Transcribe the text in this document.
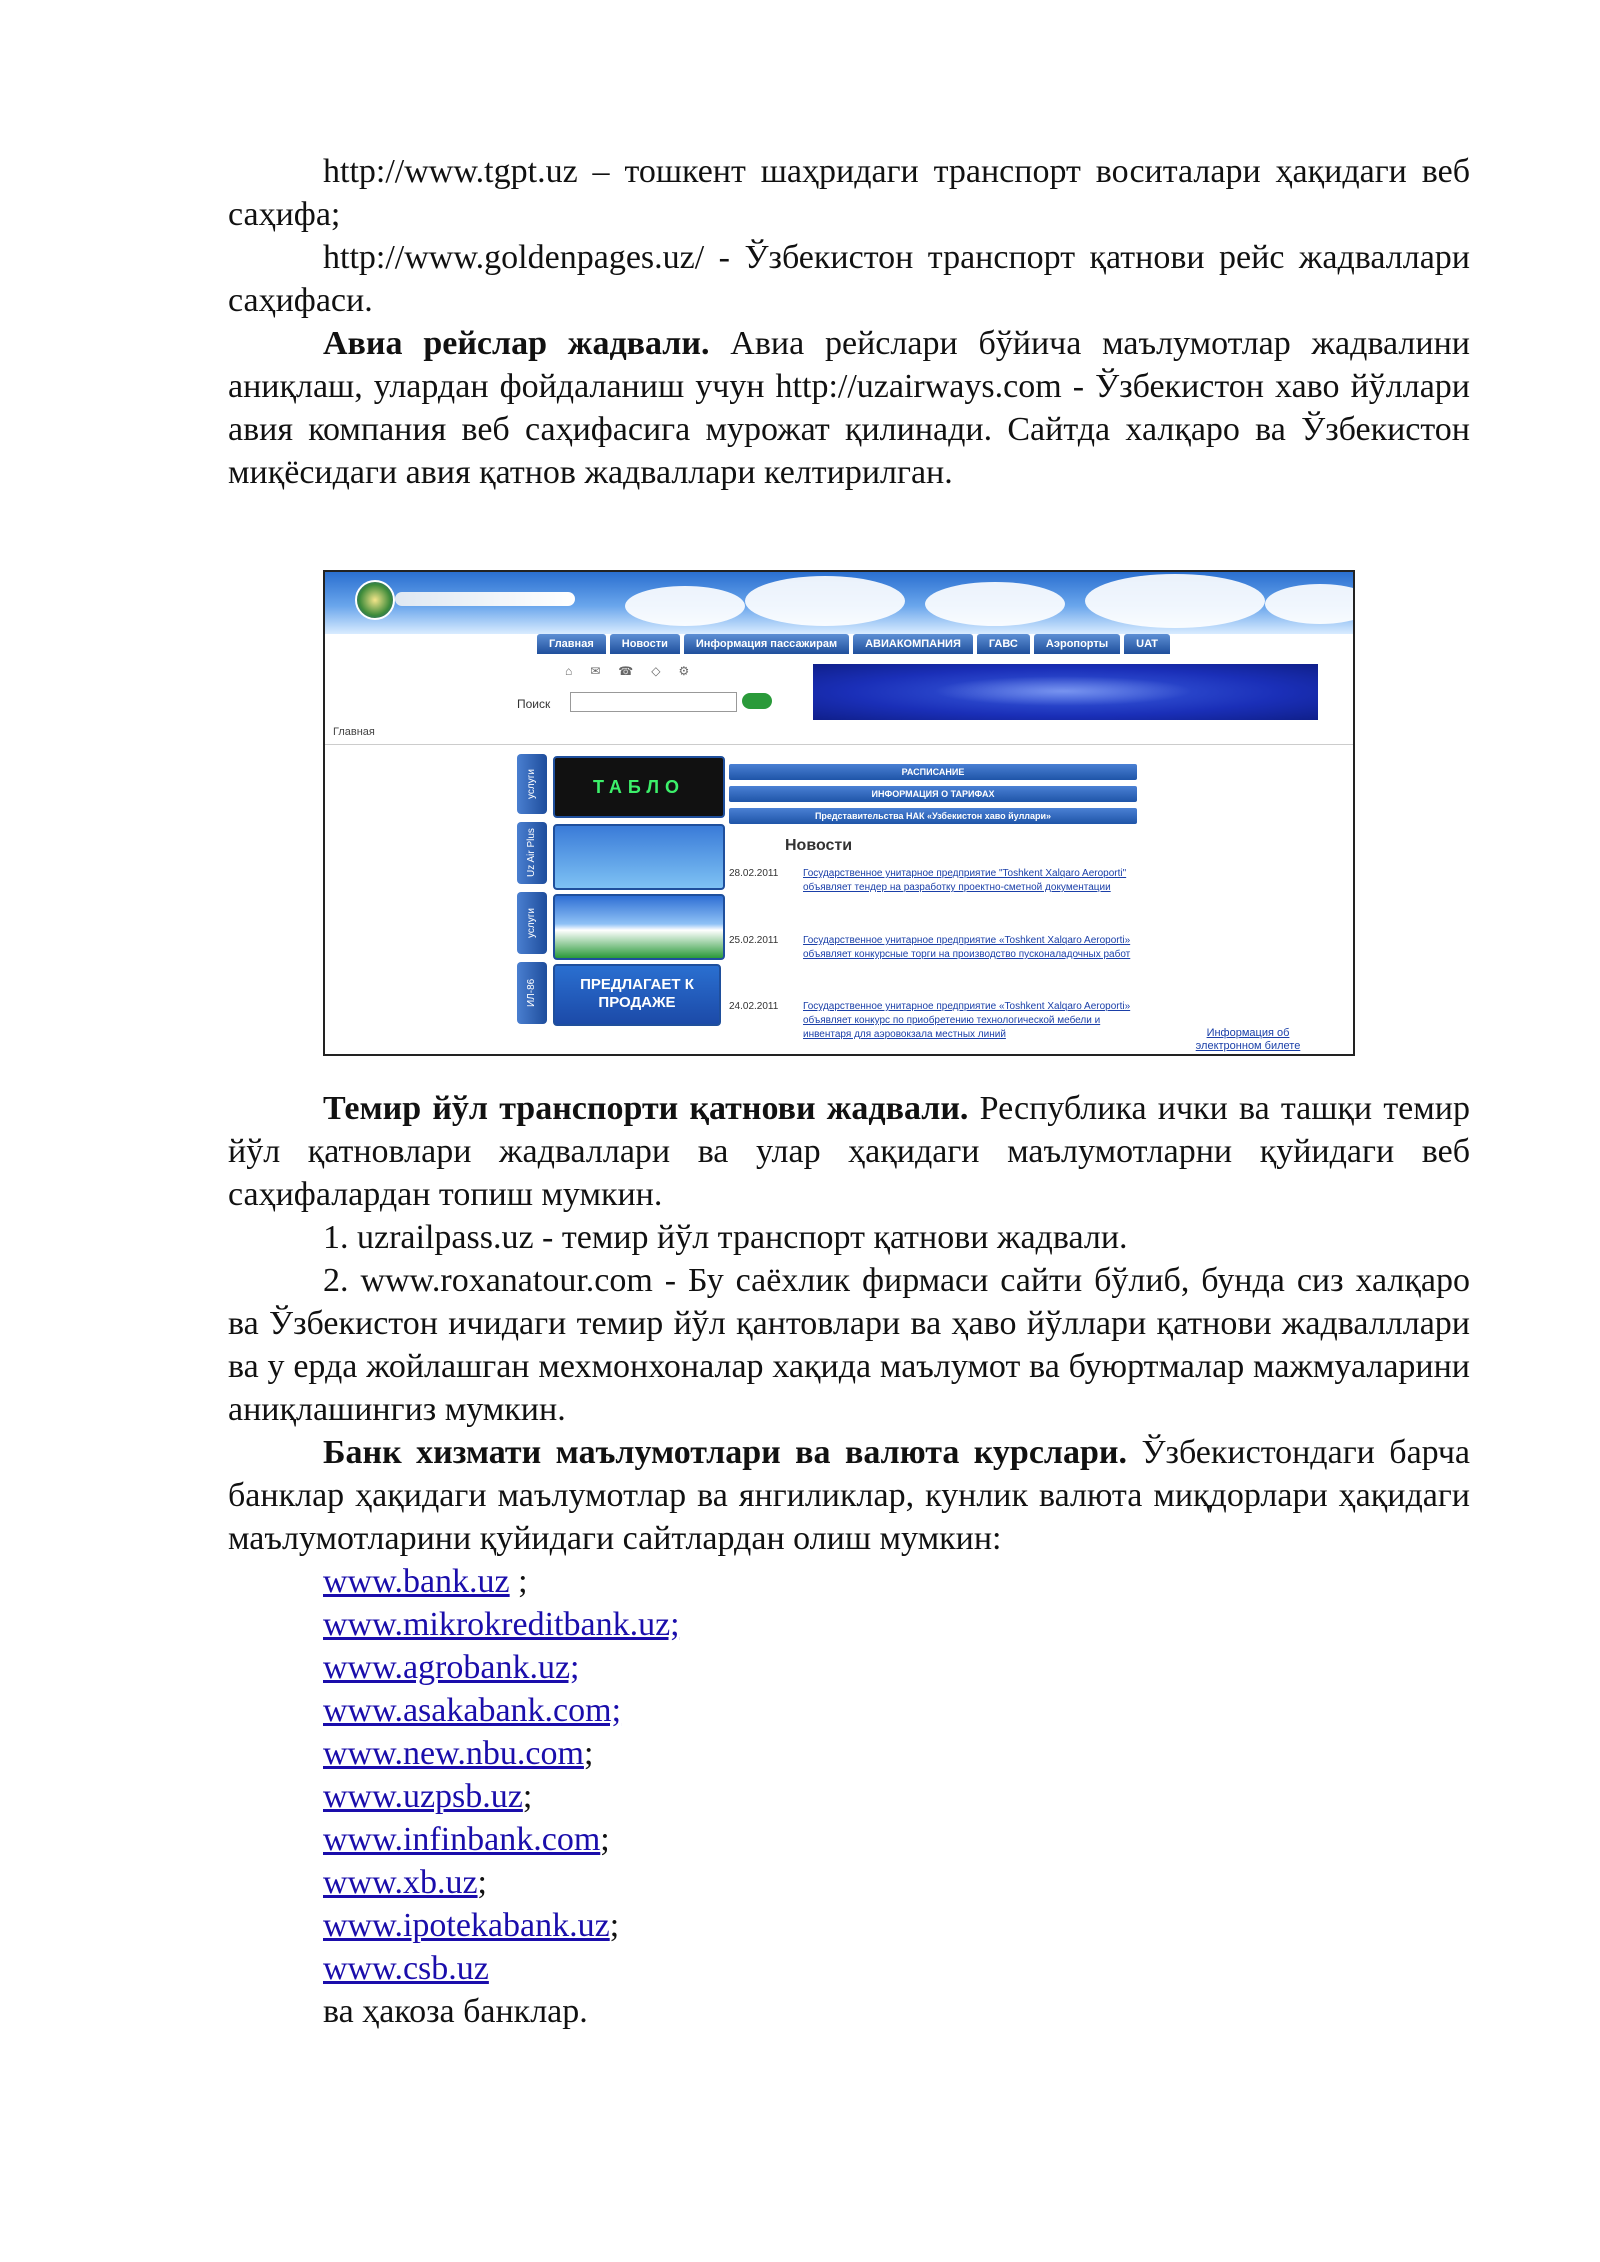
http://www.tgpt.uz – тошкент шаҳридаги транспорт воситалари ҳақидаги веб саҳифа;

http://www.goldenpages.uz/ - Ўзбекистон транспорт қатнови рейс жадваллари саҳифаси.

Авиа рейслар жадвали. Авиа рейслари бўйича маълумотлар жадвалини аниқлаш, улардан фойдаланиш учун http://uzairways.com - Ўзбекистон хаво йўллари авия компания веб саҳифасига мурожат қилинади. Сайтда халқаро ва Ўзбекистон миқёсидаги авия қатнов жадваллари келтирилган.

Главная	Новости	Информация пассажирам	АВИАКОМПАНИЯ	ГАВС	Аэропорты	UAT
⌂✉☎◇⚙
Поиск
Главная
услуги
Uz Air Plus
услуги
ИЛ-86
ТАБЛО
ПРЕДЛАГАЕТ К ПРОДАЖЕ
РАСПИСАНИЕ
ИНФОРМАЦИЯ О ТАРИФАХ
Представительства НАК «Узбекистон хаво йуллари»
Новости
28.02.2011 Государственное унитарное предприятие "Toshkent Xalqaro Aeroporti" объявляет тендер на разработку проектно-сметной документации
25.02.2011 Государственное унитарное предприятие «Toshkent Xalqaro Aeroporti» объявляет конкурсные торги на производство пусконаладочных работ
24.02.2011 Государственное унитарное предприятие «Toshkent Xalqaro Aeroporti» объявляет конкурс по приобретению технологической мебели и инвентаря для аэровокзала местных линий	Информация об электронном билете

Темир йўл транспорти қатнови жадвали. Республика ички ва ташқи темир йўл қатновлари жадваллари ва улар ҳақидаги маълумотларни қуйидаги веб саҳифалардан топиш мумкин.

1. uzrailpass.uz - темир йўл транспорт қатнови жадвали.

2. www.roxanatour.com - Бу саёхлик фирмаси сайти бўлиб, бунда сиз халқаро ва Ўзбекистон ичидаги темир йўл қантовлари ва ҳаво йўллари қатнови жадвалллари ва у ерда жойлашган мехмонхоналар хақида маълумот ва буюртмалар мажмуаларини аниқлашингиз мумкин.

Банк хизмати маълумотлари ва валюта курслари. Ўзбекистондаги барча банклар ҳақидаги маълумотлар ва янгиликлар, кунлик валюта миқдорлари ҳақидаги маълумотларини қуйидаги сайтлардан олиш мумкин:

www.bank.uz ;
www.mikrokreditbank.uz;
www.agrobank.uz;
www.asakabank.com;
www.new.nbu.com;
www.uzpsb.uz;
www.infinbank.com;
www.xb.uz;
www.ipotekabank.uz;
www.csb.uz

ва ҳакоза банклар.
